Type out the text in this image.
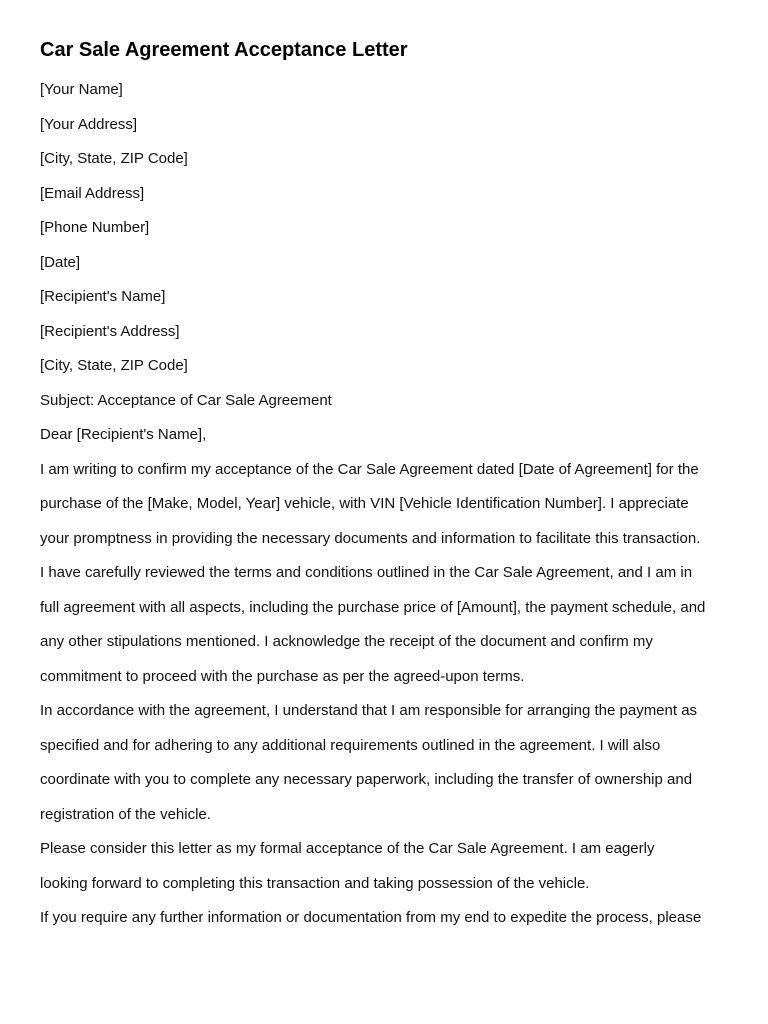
Car Sale Agreement Acceptance Letter

[Your Name]

[Your Address]

[City, State, ZIP Code]

[Email Address]

[Phone Number]

[Date]

[Recipient's Name]

[Recipient's Address]

[City, State, ZIP Code]

Subject: Acceptance of Car Sale Agreement

Dear [Recipient's Name],

I am writing to confirm my acceptance of the Car Sale Agreement dated [Date of Agreement] for the

purchase of the [Make, Model, Year] vehicle, with VIN [Vehicle Identification Number]. I appreciate

your promptness in providing the necessary documents and information to facilitate this transaction.

I have carefully reviewed the terms and conditions outlined in the Car Sale Agreement, and I am in

full agreement with all aspects, including the purchase price of [Amount], the payment schedule, and

any other stipulations mentioned. I acknowledge the receipt of the document and confirm my

commitment to proceed with the purchase as per the agreed-upon terms.

In accordance with the agreement, I understand that I am responsible for arranging the payment as

specified and for adhering to any additional requirements outlined in the agreement. I will also

coordinate with you to complete any necessary paperwork, including the transfer of ownership and

registration of the vehicle.

Please consider this letter as my formal acceptance of the Car Sale Agreement. I am eagerly

looking forward to completing this transaction and taking possession of the vehicle.

If you require any further information or documentation from my end to expedite the process, please
